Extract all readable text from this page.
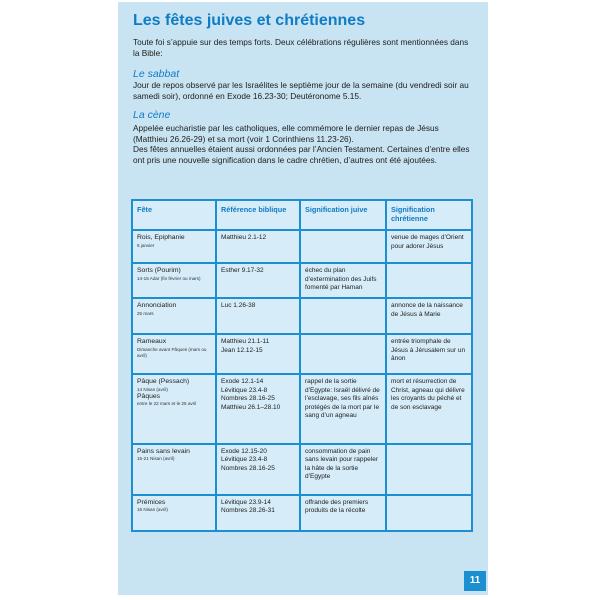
Les fêtes juives et chrétiennes

Toute foi s’appuie sur des temps forts. Deux célébrations régulières sont mentionnées dans la Bible:

Le sabbat

Jour de repos observé par les Israélites le septième jour de la semaine (du vendredi soir au samedi soir), ordonné en Exode 16.23-30; Deutéronome 5.15.

La cène
Appelée eucharistie par les catholiques, elle commémore le dernier repas de Jésus (Matthieu 26.26-29) et sa mort (voir 1 Corinthiens 11.23-26).
Des fêtes annuelles étaient aussi ordonnées par l’Ancien Testament. Certaines d’entre elles ont pris une nouvelle signification dans le cadre chrétien, d’autres ont été ajoutées.
Fête	Référence biblique	Signification juive	Signification chrétienne

Rois, Epiphanie
6 janvier	Matthieu 2.1-12		venue de mages d’Orient pour adorer Jésus

Sorts (Pourim)
14-15 Adar (fin février ou mars)	Esther 9.17-32	échec du plan d’extermination des Juifs fomenté par Haman	

Annonciation
25 mars	Luc 1.26-38		annonce de la naissance de Jésus à Marie

Rameaux
Dimanche avant Pâques (mars ou avril)	Matthieu 21.1-11
Jean 12.12-15		entrée triomphale de Jésus à Jérusalem sur un ânon

Pâque (Pessach)
14 Nisan (avril)
Pâques
entre le 22 mars et le 25 avril	Exode 12.1-14
Lévitique 23.4-8
Nombres 28.16-25
Matthieu 26.1–28.10	rappel de la sortie d’Egypte: Israël délivré de l’esclavage, ses fils aînés protégés de la mort par le sang d’un agneau	mort et résurrection de Christ, agneau qui délivre les croyants du péché et de son esclavage

Pains sans levain
15-21 Nisan (avril)	Exode 12.15-20
Lévitique 23.4-8
Nombres 28.16-25	consommation de pain sans levain pour rappeler la hâte de la sortie d’Egypte	

Prémices
16 Nisan (avril)	Lévitique 23.9-14
Nombres 28.26-31	offrande des premiers produits de la récolte	
11
